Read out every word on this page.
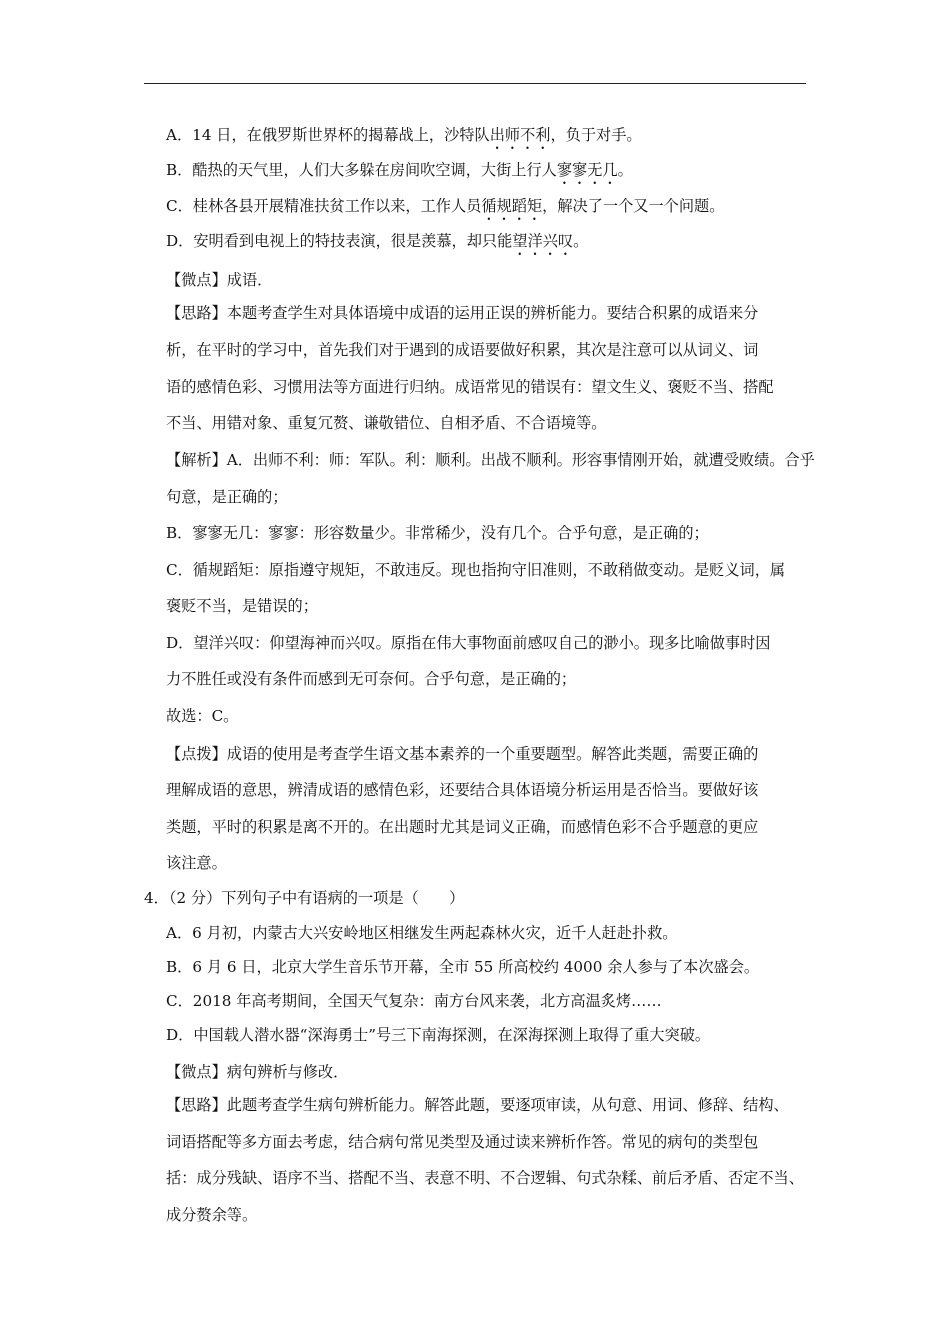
A．14 日，在俄罗斯世界杯的揭幕战上，沙特队出师不利，负于对手。
B．酷热的天气里，人们大多躲在房间吹空调，大街上行人寥寥无几。
C．桂林各县开展精准扶贫工作以来，工作人员循规蹈矩，解决了一个又一个问题。
D．安明看到电视上的特技表演，很是羡慕，却只能望洋兴叹。
【微点】成语．
【思路】本题考查学生对具体语境中成语的运用正误的辨析能力。要结合积累的成语来分
析，在平时的学习中，首先我们对于遇到的成语要做好积累，其次是注意可以从词义、词
语的感情色彩、习惯用法等方面进行归纳。成语常见的错误有：望文生义、褒贬不当、搭配
不当、用错对象、重复冗赘、谦敬错位、自相矛盾、不合语境等。
【解析】A．出师不利：师：军队。利：顺利。出战不顺利。形容事情刚开始，就遭受败绩。合乎
句意，是正确的；
B．寥寥无几：寥寥：形容数量少。非常稀少，没有几个。合乎句意，是正确的；
C．循规蹈矩：原指遵守规矩，不敢违反。现也指拘守旧准则，不敢稍做变动。是贬义词，属
褒贬不当，是错误的；
D．望洋兴叹：仰望海神而兴叹。原指在伟大事物面前感叹自己的渺小。现多比喻做事时因
力不胜任或没有条件而感到无可奈何。合乎句意，是正确的；
故选：C。
【点拨】成语的使用是考查学生语文基本素养的一个重要题型。解答此类题，需要正确的
理解成语的意思，辨清成语的感情色彩，还要结合具体语境分析运用是否恰当。要做好该
类题，平时的积累是离不开的。在出题时尤其是词义正确，而感情色彩不合乎题意的更应
该注意。
4．（2 分）下列句子中有语病的一项是（　　）
A．6 月初，内蒙古大兴安岭地区相继发生两起森林火灾，近千人赶赴扑救。
B．6 月 6 日，北京大学生音乐节开幕，全市 55 所高校约 4000 余人参与了本次盛会。
C．2018 年高考期间，全国天气复杂：南方台风来袭，北方高温炙烤……
D．中国载人潜水器“深海勇士”号三下南海探测，在深海探测上取得了重大突破。
【微点】病句辨析与修改．
【思路】此题考查学生病句辨析能力。解答此题，要逐项审读，从句意、用词、修辞、结构、
词语搭配等多方面去考虑，结合病句常见类型及通过读来辨析作答。常见的病句的类型包
括：成分残缺、语序不当、搭配不当、表意不明、不合逻辑、句式杂糅、前后矛盾、否定不当、
成分赘余等。
